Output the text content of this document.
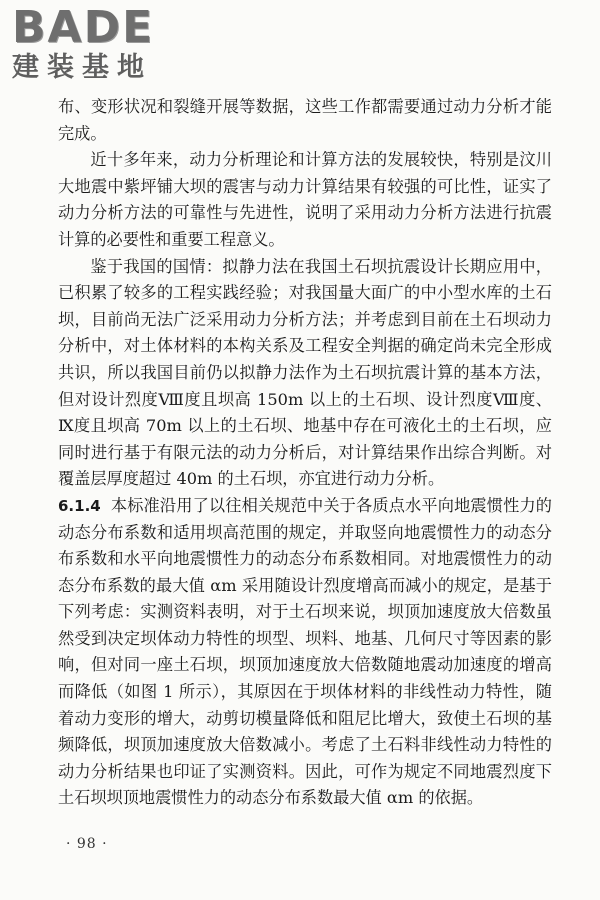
BADE
建装基地

布、变形状况和裂缝开展等数据，这些工作都需要通过动力分析才能完成。

近十多年来，动力分析理论和计算方法的发展较快，特别是汶川大地震中紫坪铺大坝的震害与动力计算结果有较强的可比性，证实了动力分析方法的可靠性与先进性，说明了采用动力分析方法进行抗震计算的必要性和重要工程意义。

鉴于我国的国情：拟静力法在我国土石坝抗震设计长期应用中，已积累了较多的工程实践经验；对我国量大面广的中小型水库的土石坝，目前尚无法广泛采用动力分析方法；并考虑到目前在土石坝动力分析中，对土体材料的本构关系及工程安全判据的确定尚未完全形成共识，所以我国目前仍以拟静力法作为土石坝抗震计算的基本方法，但对设计烈度Ⅷ度且坝高 150m 以上的土石坝、设计烈度Ⅷ度、Ⅸ度且坝高 70m 以上的土石坝、地基中存在可液化土的土石坝，应同时进行基于有限元法的动力分析后，对计算结果作出综合判断。对覆盖层厚度超过 40m 的土石坝，亦宜进行动力分析。

6.1.4 本标准沿用了以往相关规范中关于各质点水平向地震惯性力的动态分布系数和适用坝高范围的规定，并取竖向地震惯性力的动态分布系数和水平向地震惯性力的动态分布系数相同。对地震惯性力的动态分布系数的最大值 αm 采用随设计烈度增高而减小的规定，是基于下列考虑：实测资料表明，对于土石坝来说，坝顶加速度放大倍数虽然受到决定坝体动力特性的坝型、坝料、地基、几何尺寸等因素的影响，但对同一座土石坝，坝顶加速度放大倍数随地震动加速度的增高而降低（如图 1 所示），其原因在于坝体材料的非线性动力特性，随着动力变形的增大，动剪切模量降低和阻尼比增大，致使土石坝的基频降低，坝顶加速度放大倍数减小。考虑了土石料非线性动力特性的动力分析结果也印证了实测资料。因此，可作为规定不同地震烈度下土石坝坝顶地震惯性力的动态分布系数最大值 αm 的依据。

· 98 ·
